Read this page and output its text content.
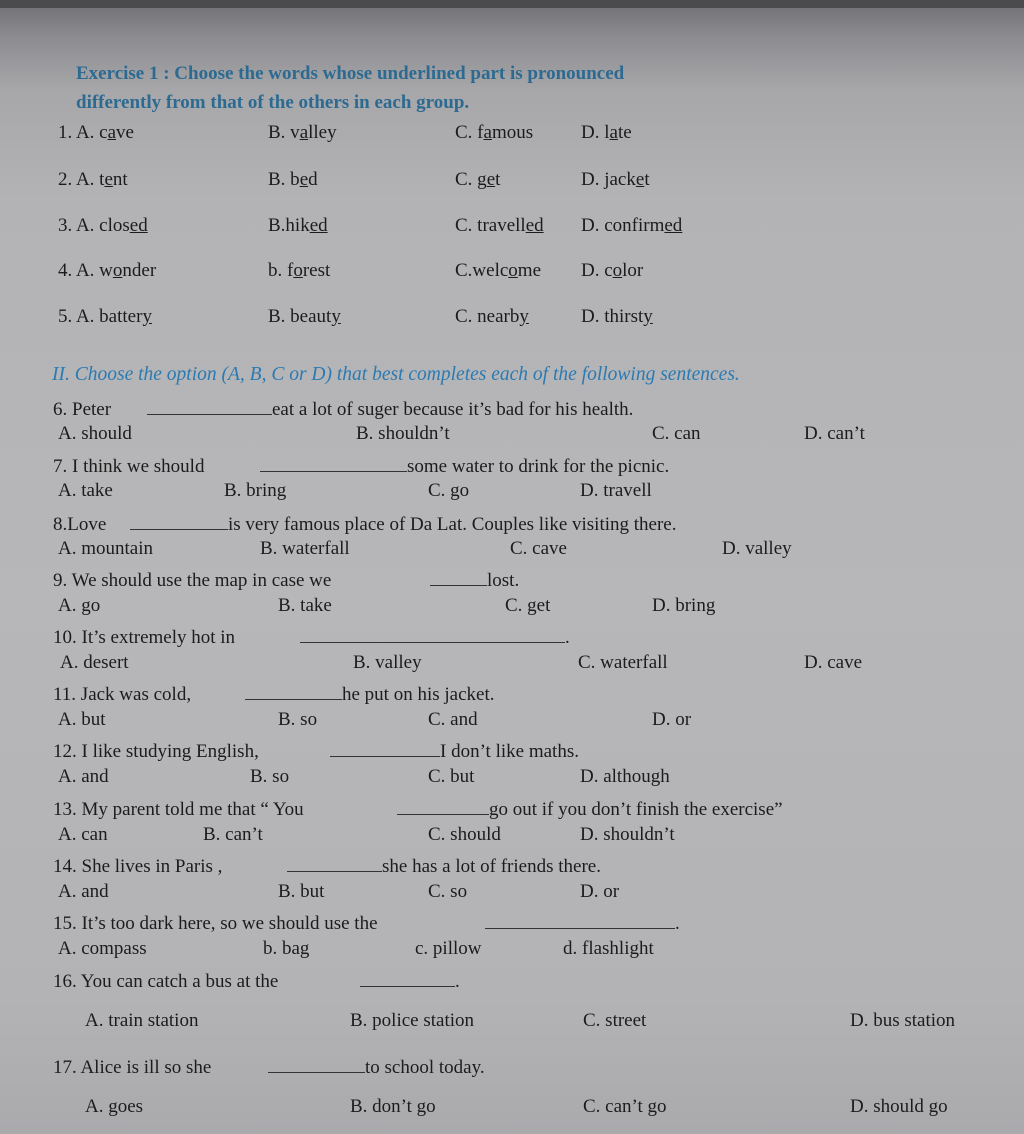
Exercise 1 : Choose the words whose underlined part is pronounced
differently from that of the others in each group.
1. A. cave	B. valley	C. famous	D. late
2. A. tent	B. bed	C. get	D. jacket
3. A. closed	B.hiked	C. travelled D. confirmed
4. A. wonder	b. forest	C.welcome D. color
5. A. battery	B. beauty	C. nearby	D. thirsty
II. Choose the option (A, B, C or D) that best completes each of the following sentences.
6. Peter	eat a lot of suger because it’s bad for his health.
A. should	B. shouldn’t	C. can	D. can’t
7. I think we should	some water to drink for the picnic.
A. take	B. bring	C. go	D. travell
8.Love	is very famous place of Da Lat. Couples like visiting there.
A. mountain	B. waterfall	C. cave	D. valley
9. We should use the map in case we	lost.
A. go	B. take	C. get	D. bring
10. It’s extremely hot in	.
A. desert	B. valley	C. waterfall	D. cave
11. Jack was cold,	he put on his jacket.
A. but	B. so	C. and	D. or
12. I like studying English,	I don’t like maths.
A. and	B. so	C. but	D. although
13. My parent told me that “ You	go out if you don’t finish the exercise”
A. can	B. can’t	C. should	D. shouldn’t
14. She lives in Paris ,	she has a lot of friends there.
A. and	B. but	C. so	D. or
15. It’s too dark here, so we should use the	.
A. compass	b. bag	c. pillow	d. flashlight
16. You can catch a bus at the	.
A. train station	B. police station	C. street	D. bus station
17. Alice is ill so she	to school today.
A. goes	B. don’t go	C. can’t go	D. should go
